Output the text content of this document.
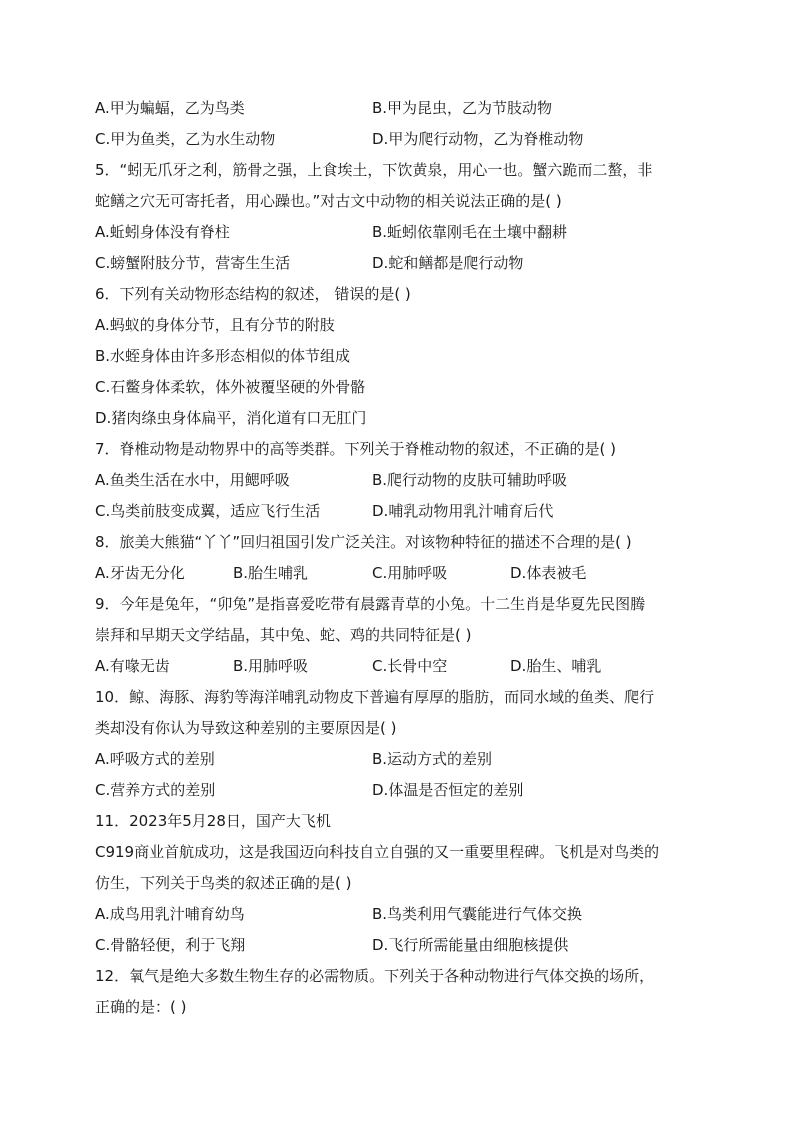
A.甲为蝙蝠，乙为鸟类	B.甲为昆虫，乙为节肢动物
C.甲为鱼类，乙为水生动物	D.甲为爬行动物，乙为脊椎动物
5．“蚓无爪牙之利，筋骨之强，上食埃土，下饮黄泉，用心一也。蟹六跪而二螯，非
蛇鳝之穴无可寄托者，用心躁也。”对古文中动物的相关说法正确的是( )
A.蚯蚓身体没有脊柱	B.蚯蚓依靠刚毛在土壤中翻耕
C.螃蟹附肢分节，营寄生生活	D.蛇和鳝都是爬行动物
6．下列有关动物形态结构的叙述， 错误的是( )
A.蚂蚁的身体分节，且有分节的附肢
B.水蛭身体由许多形态相似的体节组成
C.石鳖身体柔软，体外被覆坚硬的外骨骼
D.猪肉绦虫身体扁平，消化道有口无肛门
7．脊椎动物是动物界中的高等类群。下列关于脊椎动物的叙述，不正确的是( )
A.鱼类生活在水中，用鳃呼吸	B.爬行动物的皮肤可辅助呼吸
C.鸟类前肢变成翼，适应飞行生活	D.哺乳动物用乳汁哺育后代
8．旅美大熊猫“丫丫”回归祖国引发广泛关注。对该物种特征的描述不合理的是( )
A.牙齿无分化	B.胎生哺乳	C.用肺呼吸	D.体表被毛
9．今年是兔年，“卯兔”是指喜爱吃带有晨露青草的小兔。十二生肖是华夏先民图腾
崇拜和早期天文学结晶，其中兔、蛇、鸡的共同特征是( )
A.有喙无齿	B.用肺呼吸	C.长骨中空	D.胎生、哺乳
10．鲸、海豚、海豹等海洋哺乳动物皮下普遍有厚厚的脂肪，而同水域的鱼类、爬行
类却没有你认为导致这种差别的主要原因是( )
A.呼吸方式的差别	B.运动方式的差别
C.营养方式的差别	D.体温是否恒定的差别
11．2023年5月28日，国产大飞机
C919商业首航成功，这是我国迈向科技自立自强的又一重要里程碑。飞机是对鸟类的
仿生，下列关于鸟类的叙述正确的是( )
A.成鸟用乳汁哺育幼鸟	B.鸟类利用气囊能进行气体交换
C.骨骼轻便，利于飞翔	D.飞行所需能量由细胞核提供
12．氧气是绝大多数生物生存的必需物质。下列关于各种动物进行气体交换的场所，
正确的是：( )
